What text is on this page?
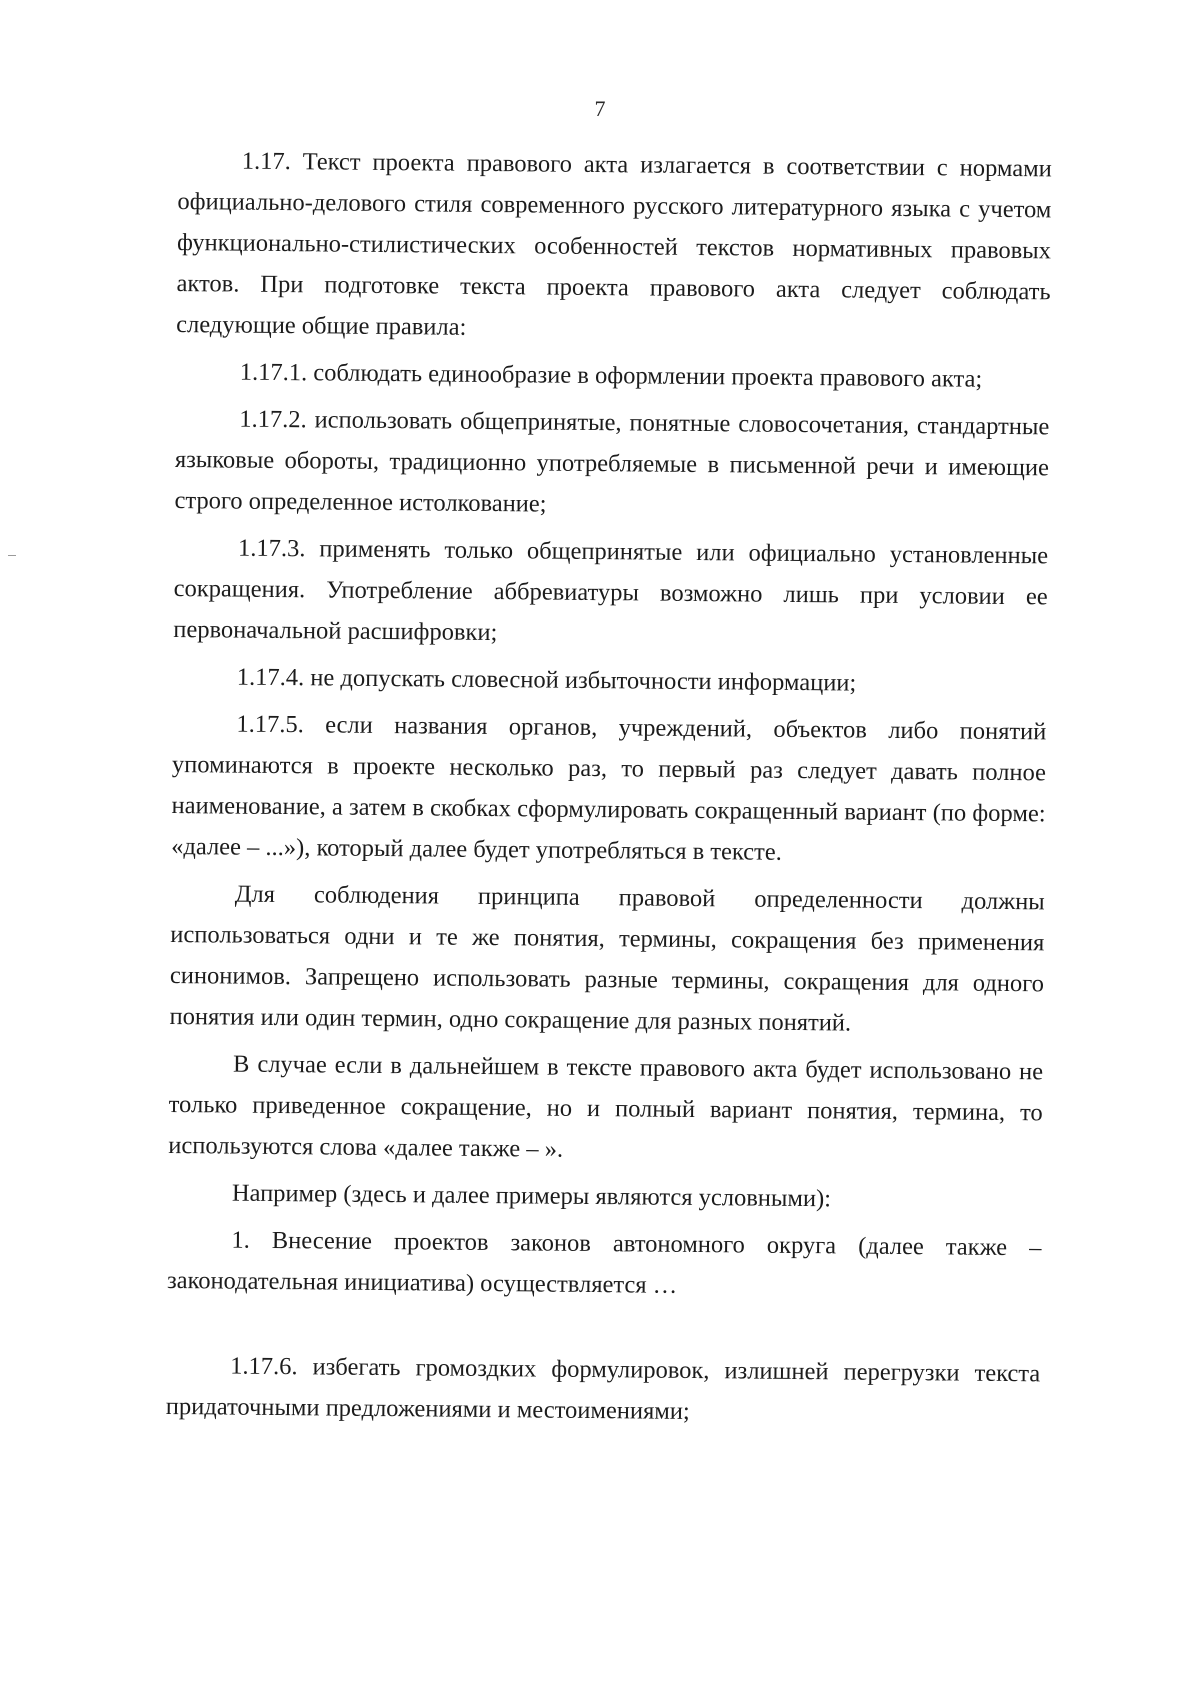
7

1.17. Текст проекта правового акта излагается в соответствии с нормами официально-делового стиля современного русского литературного языка с учетом функционально-стилистических особенностей текстов нормативных правовых актов. При подготовке текста проекта правового акта следует соблюдать следующие общие правила:

1.17.1. соблюдать единообразие в оформлении проекта правового акта;

1.17.2. использовать общепринятые, понятные словосочетания, стандартные языковые обороты, традиционно употребляемые в письменной речи и имеющие строго определенное истолкование;

1.17.3. применять только общепринятые или официально установленные сокращения. Употребление аббревиатуры возможно лишь при условии ее первоначальной расшифровки;

1.17.4. не допускать словесной избыточности информации;

1.17.5. если названия органов, учреждений, объектов либо понятий упоминаются в проекте несколько раз, то первый раз следует давать полное наименование, а затем в скобках сформулировать сокращенный вариант (по форме: «далее – ...»), который далее будет употребляться в тексте.

Для соблюдения принципа правовой определенности должны использоваться одни и те же понятия, термины, сокращения без применения синонимов. Запрещено использовать разные термины, сокращения для одного понятия или один термин, одно сокращение для разных понятий.

В случае если в дальнейшем в тексте правового акта будет использовано не только приведенное сокращение, но и полный вариант понятия, термина, то используются слова «далее также – ».

Например (здесь и далее примеры являются условными):

1. Внесение проектов законов автономного округа (далее также – законодательная инициатива) осуществляется …

1.17.6. избегать громоздких формулировок, излишней перегрузки текста придаточными предложениями и местоимениями;
